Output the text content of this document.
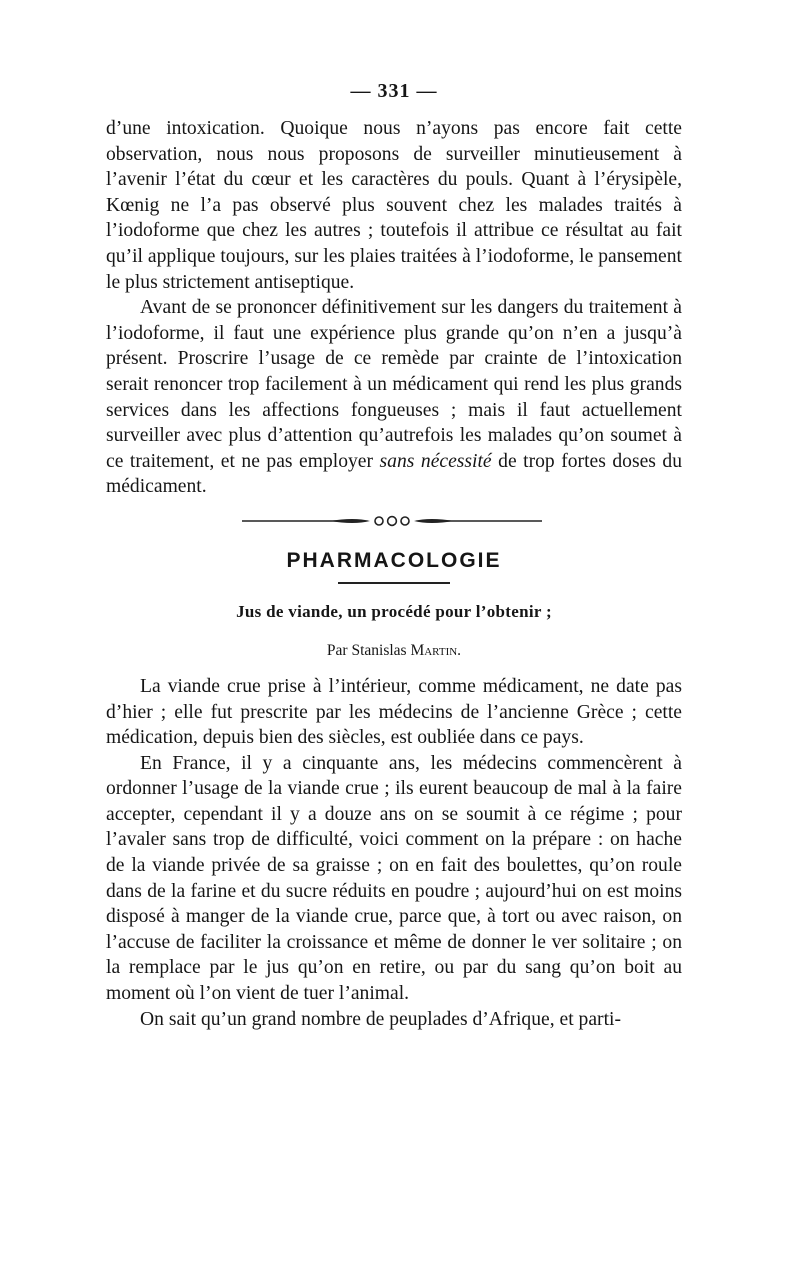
— 331 —

d’une intoxication. Quoique nous n’ayons pas encore fait cette observation, nous nous proposons de surveiller minutieusement à l’avenir l’état du cœur et les caractères du pouls. Quant à l’érysipèle, Kœnig ne l’a pas observé plus souvent chez les malades traités à l’iodoforme que chez les autres ; toutefois il attribue ce résultat au fait qu’il applique toujours, sur les plaies traitées à l’iodoforme, le pansement le plus strictement antiseptique.

Avant de se prononcer définitivement sur les dangers du traitement à l’iodoforme, il faut une expérience plus grande qu’on n’en a jusqu’à présent. Proscrire l’usage de ce remède par crainte de l’intoxication serait renoncer trop facilement à un médicament qui rend les plus grands services dans les affections fongueuses ; mais il faut actuellement surveiller avec plus d’attention qu’autrefois les malades qu’on soumet à ce traitement, et ne pas employer sans nécessité de trop fortes doses du médicament.

PHARMACOLOGIE
Jus de viande, un procédé pour l’obtenir ;
Par Stanislas Martin.

La viande crue prise à l’intérieur, comme médicament, ne date pas d’hier ; elle fut prescrite par les médecins de l’ancienne Grèce ; cette médication, depuis bien des siècles, est oubliée dans ce pays.

En France, il y a cinquante ans, les médecins commencèrent à ordonner l’usage de la viande crue ; ils eurent beaucoup de mal à la faire accepter, cependant il y a douze ans on se soumit à ce régime ; pour l’avaler sans trop de difficulté, voici comment on la prépare : on hache de la viande privée de sa graisse ; on en fait des boulettes, qu’on roule dans de la farine et du sucre réduits en poudre ; aujourd’hui on est moins disposé à manger de la viande crue, parce que, à tort ou avec raison, on l’accuse de faciliter la croissance et même de donner le ver solitaire ; on la remplace par le jus qu’on en retire, ou par du sang qu’on boit au moment où l’on vient de tuer l’animal.

On sait qu’un grand nombre de peuplades d’Afrique, et parti-
